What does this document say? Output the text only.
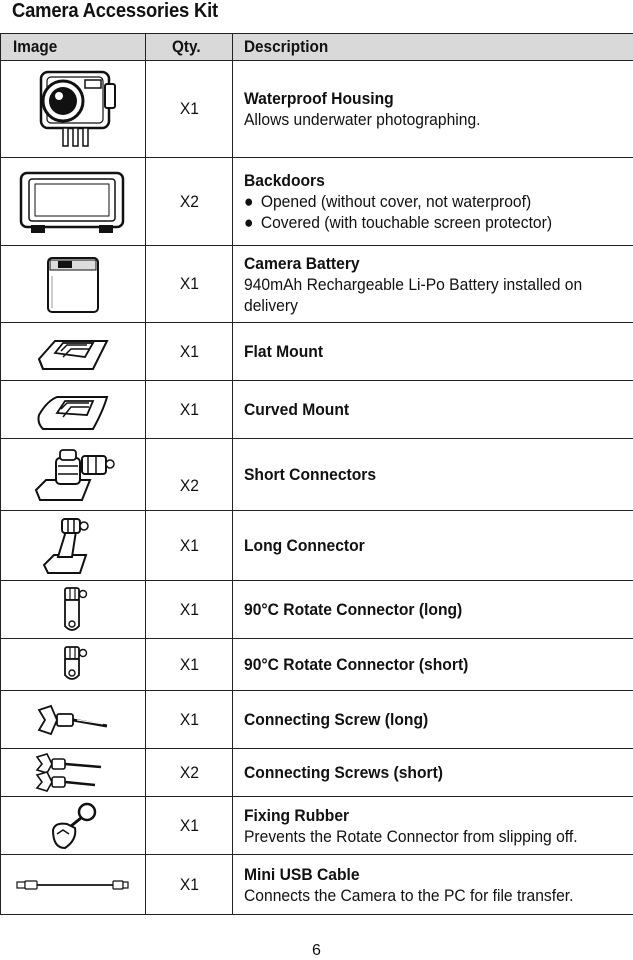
Camera Accessories Kit
Image	Qty.	Description

	X1	Waterproof Housing
Allows underwater photographing.

	X2	Backdoors
● Opened (without cover, not waterproof)
● Covered (with touchable screen protector)

	X1	Camera Battery
940mAh Rechargeable Li-Po Battery installed on delivery

	X1	Flat Mount

	X1	Curved Mount

	X2	Short Connectors

	X1	Long Connector

	X1	90°C Rotate Connector (long)

	X1	90°C Rotate Connector (short)

	X1	Connecting Screw (long)

	X2	Connecting Screws (short)

	X1	Fixing Rubber
Prevents the Rotate Connector from slipping off.

	X1	Mini USB Cable
Connects the Camera to the PC for file transfer.
6
